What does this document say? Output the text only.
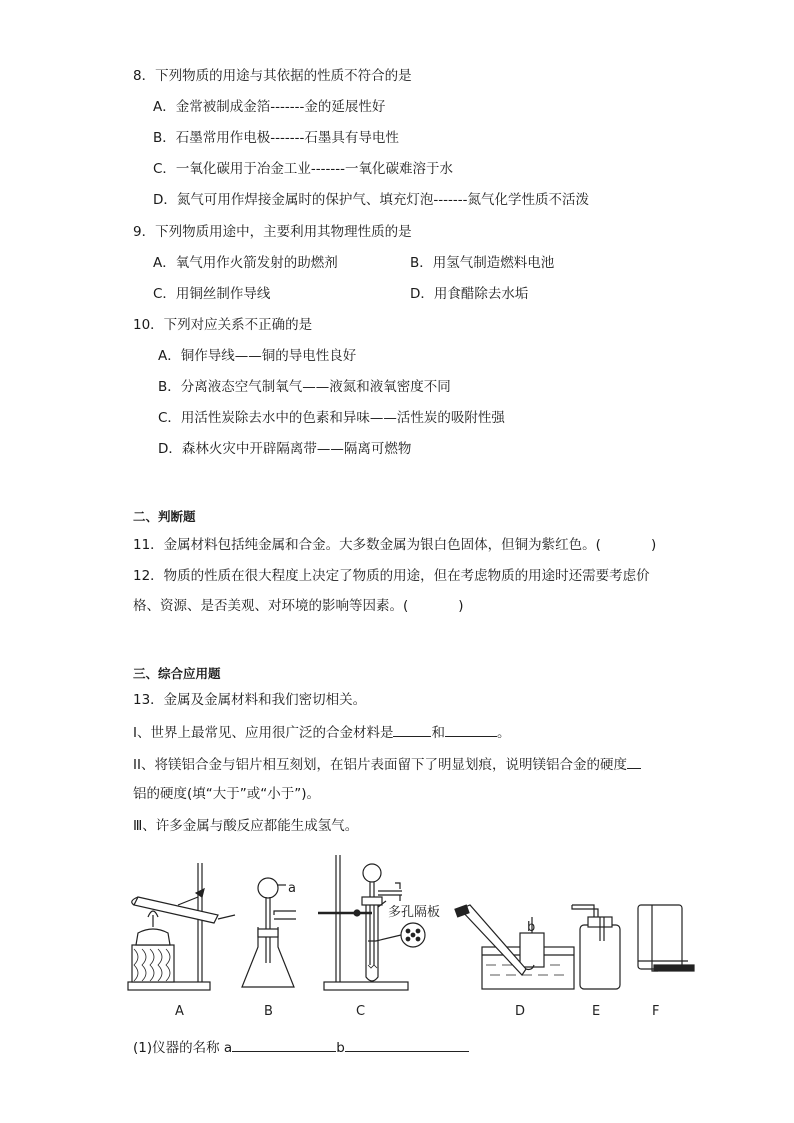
8．下列物质的用途与其依据的性质不符合的是
A．金常被制成金箔-------金的延展性好
B．石墨常用作电极-------石墨具有导电性
C．一氧化碳用于冶金工业-------一氧化碳难溶于水
D．氮气可用作焊接金属时的保护气、填充灯泡-------氮气化学性质不活泼
9．下列物质用途中，主要利用其物理性质的是
A．氧气用作火箭发射的助燃剂	B．用氢气制造燃料电池
C．用铜丝制作导线	D．用食醋除去水垢
10．下列对应关系不正确的是
A．铜作导线——铜的导电性良好
B．分离液态空气制氧气——液氮和液氧密度不同
C．用活性炭除去水中的色素和异味——活性炭的吸附性强
D．森林火灾中开辟隔离带——隔离可燃物
二、判断题
11．金属材料包括纯金属和合金。大多数金属为银白色固体，但铜为紫红色。(	)
12．物质的性质在很大程度上决定了物质的用途，但在考虑物质的用途时还需要考虑价
格、资源、是否美观、对环境的影响等因素。(	)
三、综合应用题
13．金属及金属材料和我们密切相关。
I、世界上最常见、应用很广泛的合金材料是	和	。
II、将镁铝合金与铝片相互刻划，在铝片表面留下了明显划痕，说明镁铝合金的硬度
铝的硬度(填“大于”或“小于”)。
Ⅲ、许多金属与酸反应都能生成氢气。
A	B	C	D	E	F
a
b
多孔隔板
(1)仪器的名称 a	b
